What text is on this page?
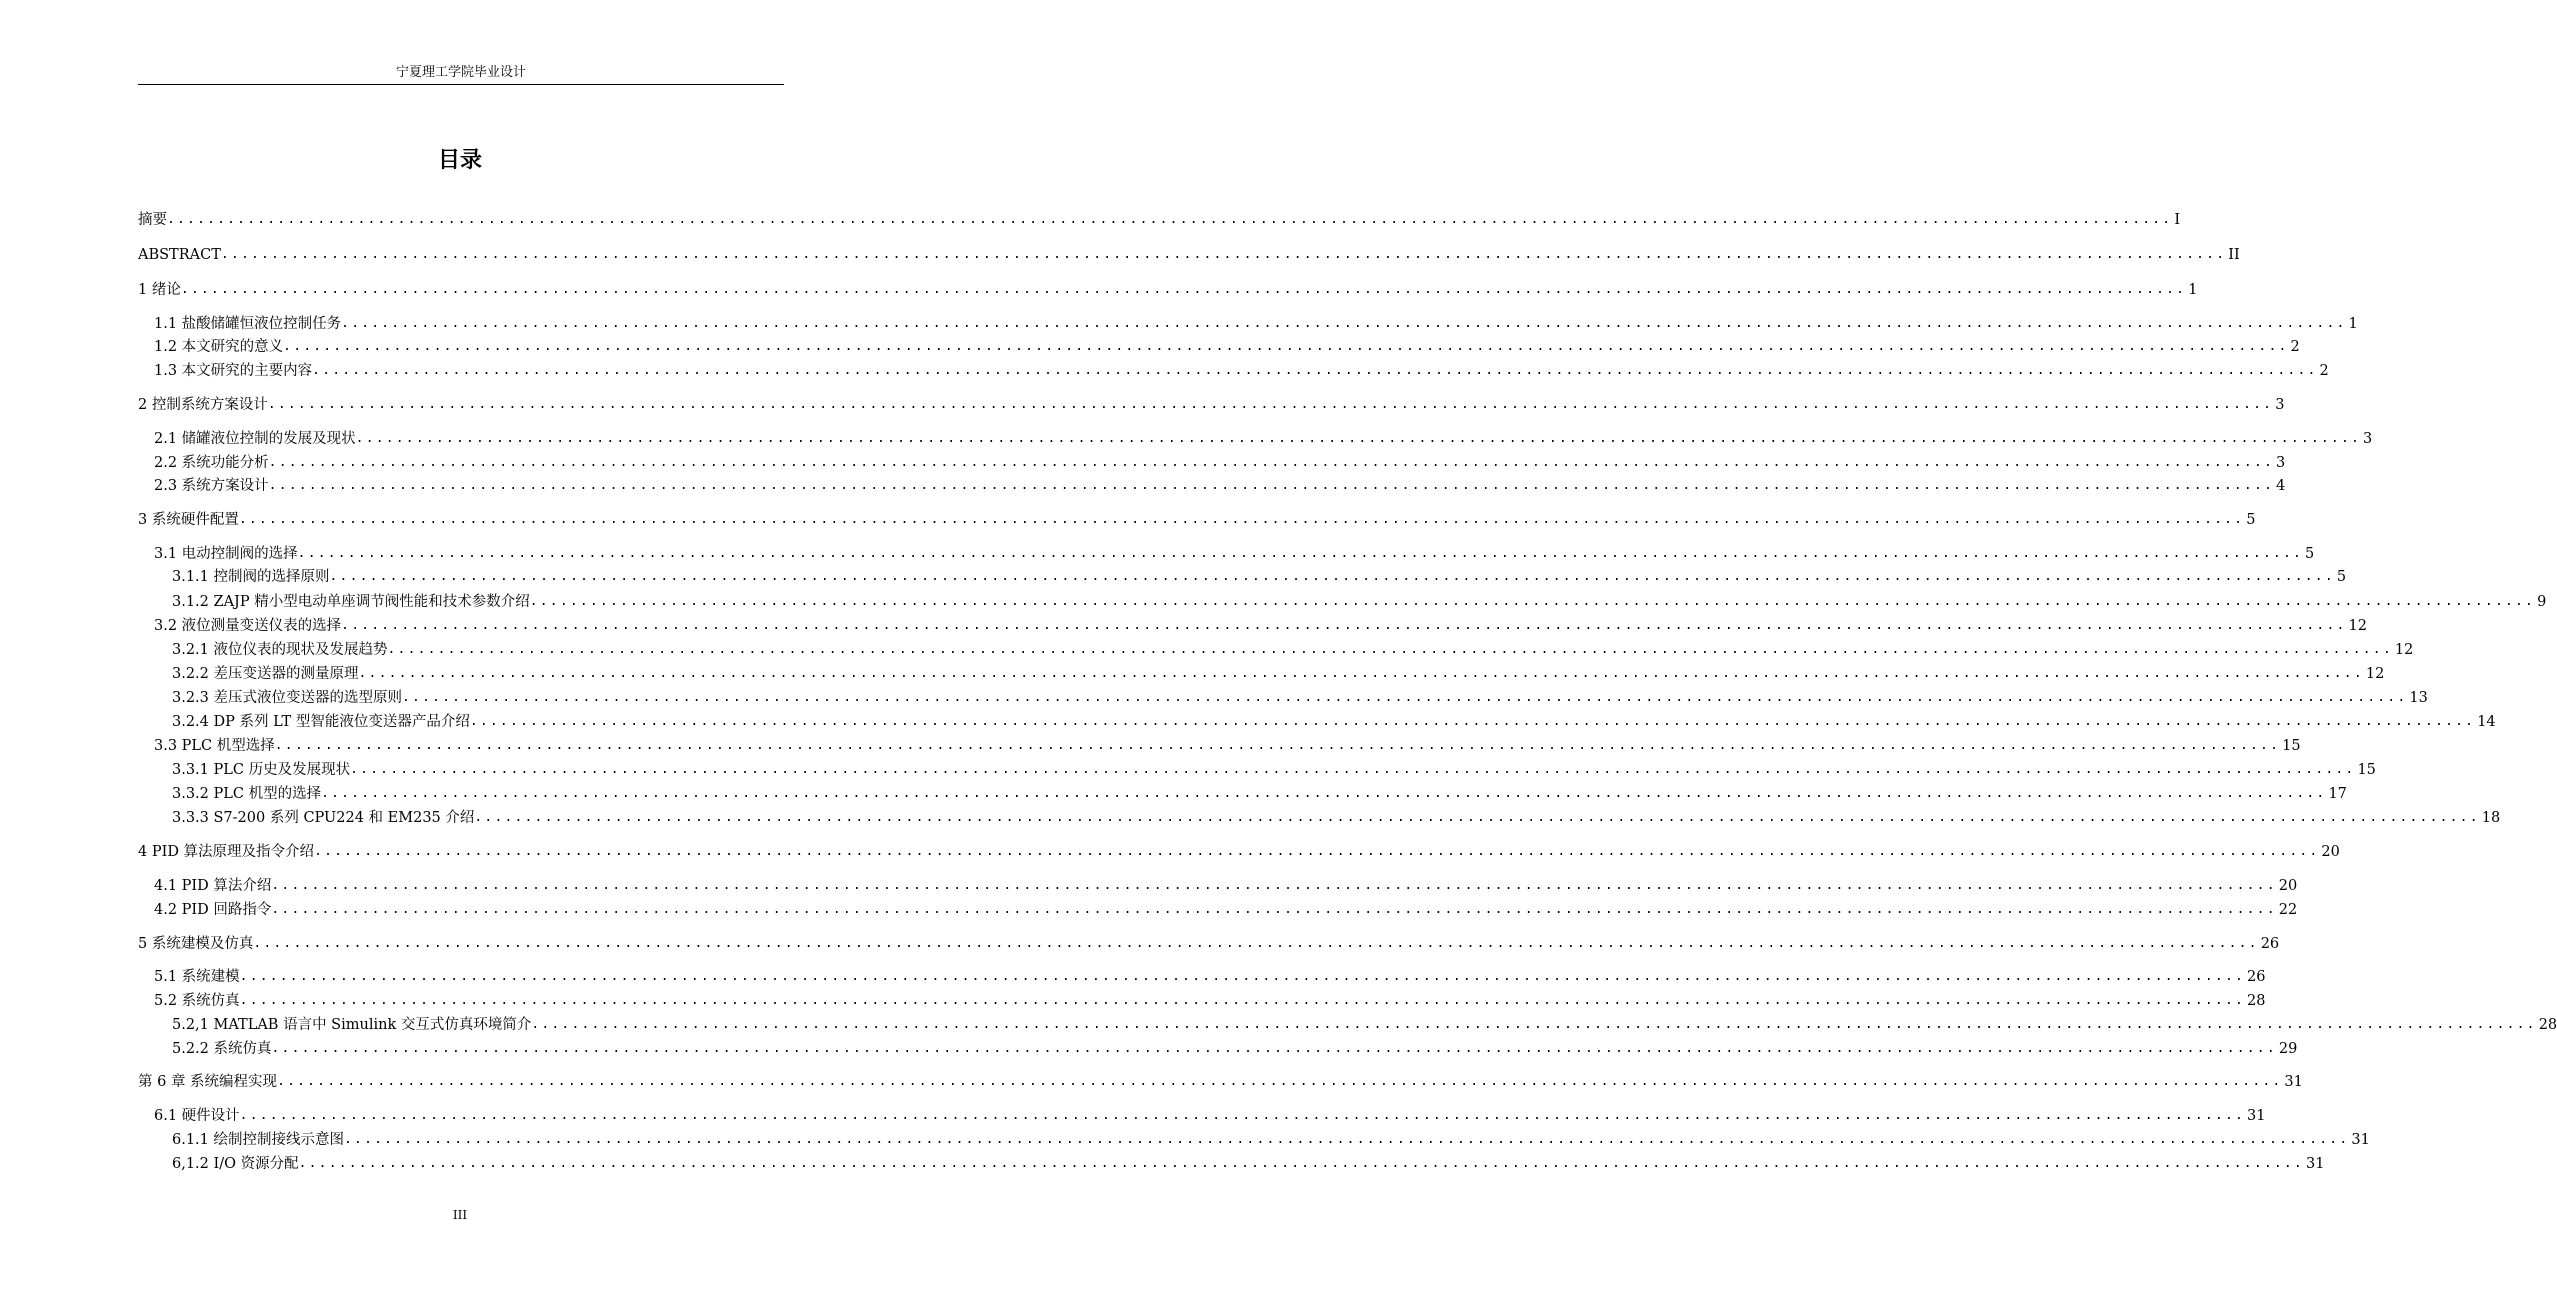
宁夏理工学院毕业设计
目录
摘要 ........................................................................................................................................................................................................ I
ABSTRACT ........................................................................................................................................................................................................ II
1 绪论 ........................................................................................................................................................................................................ 1
1.1 盐酸储罐恒液位控制任务 ........................................................................................................................................................................................................ 1
1.2 本文研究的意义 ........................................................................................................................................................................................................ 2
1.3 本文研究的主要内容 ........................................................................................................................................................................................................ 2
2 控制系统方案设计 ........................................................................................................................................................................................................ 3
2.1 储罐液位控制的发展及现状 ........................................................................................................................................................................................................ 3
2.2 系统功能分析 ........................................................................................................................................................................................................ 3
2.3 系统方案设计 ........................................................................................................................................................................................................ 4
3 系统硬件配置 ........................................................................................................................................................................................................ 5
3.1 电动控制阀的选择 ........................................................................................................................................................................................................ 5
3.1.1 控制阀的选择原则 ........................................................................................................................................................................................................ 5
3.1.2 ZAJP 精小型电动单座调节阀性能和技术参数介绍 ........................................................................................................................................................................................................ 9
3.2 液位测量变送仪表的选择 ........................................................................................................................................................................................................ 12
3.2.1 液位仪表的现状及发展趋势 ........................................................................................................................................................................................................ 12
3.2.2 差压变送器的测量原理 ........................................................................................................................................................................................................ 12
3.2.3 差压式液位变送器的选型原则 ........................................................................................................................................................................................................ 13
3.2.4 DP 系列 LT 型智能液位变送器产品介绍 ........................................................................................................................................................................................................ 14
3.3 PLC 机型选择 ........................................................................................................................................................................................................ 15
3.3.1 PLC 历史及发展现状 ........................................................................................................................................................................................................ 15
3.3.2 PLC 机型的选择 ........................................................................................................................................................................................................ 17
3.3.3 S7-200 系列 CPU224 和 EM235 介绍 ........................................................................................................................................................................................................ 18
4 PID 算法原理及指令介绍 ........................................................................................................................................................................................................ 20
4.1 PID 算法介绍 ........................................................................................................................................................................................................ 20
4.2 PID 回路指令 ........................................................................................................................................................................................................ 22
5 系统建模及仿真 ........................................................................................................................................................................................................ 26
5.1 系统建模 ........................................................................................................................................................................................................ 26
5.2 系统仿真 ........................................................................................................................................................................................................ 28
5.2,1 MATLAB 语言中 Simulink 交互式仿真环境简介 ........................................................................................................................................................................................................ 28
5.2.2 系统仿真 ........................................................................................................................................................................................................ 29
第 6 章 系统编程实现 ........................................................................................................................................................................................................ 31
6.1 硬件设计 ........................................................................................................................................................................................................ 31
6.1.1 绘制控制接线示意图 ........................................................................................................................................................................................................ 31
6,1.2 I/O 资源分配 ........................................................................................................................................................................................................ 31
III
